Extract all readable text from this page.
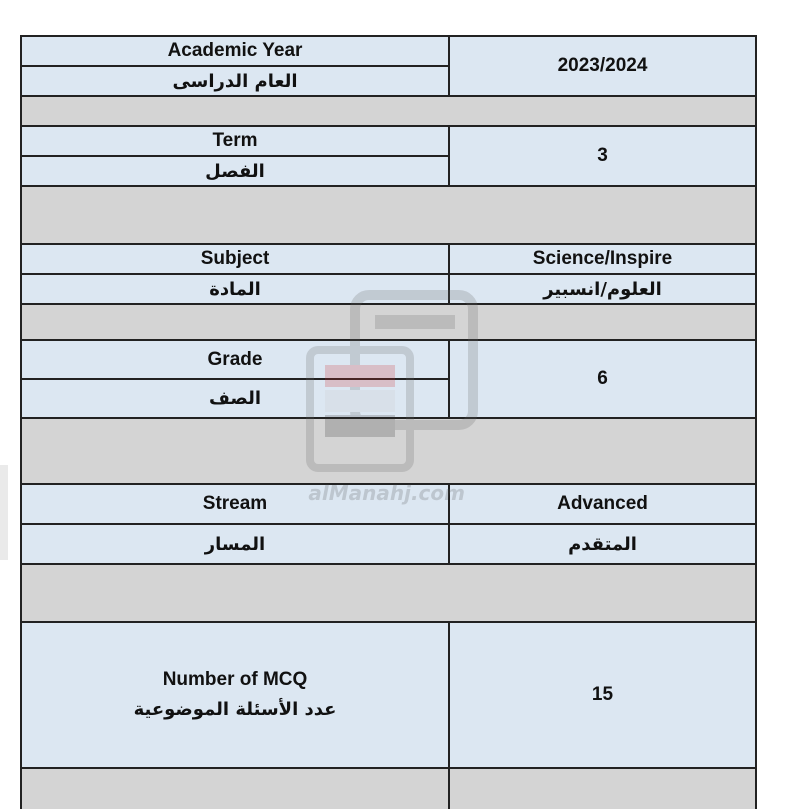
Academic Year
العام الدراسى
2023/2024
Term
الفصل
3
Subject
المادة
Science/Inspire
العلوم/انسبير
Grade
الصف
6
Stream
المسار
Advanced
المتقدم
Number of MCQ
عدد الأسئلة الموضوعية
15
alManahj.com
